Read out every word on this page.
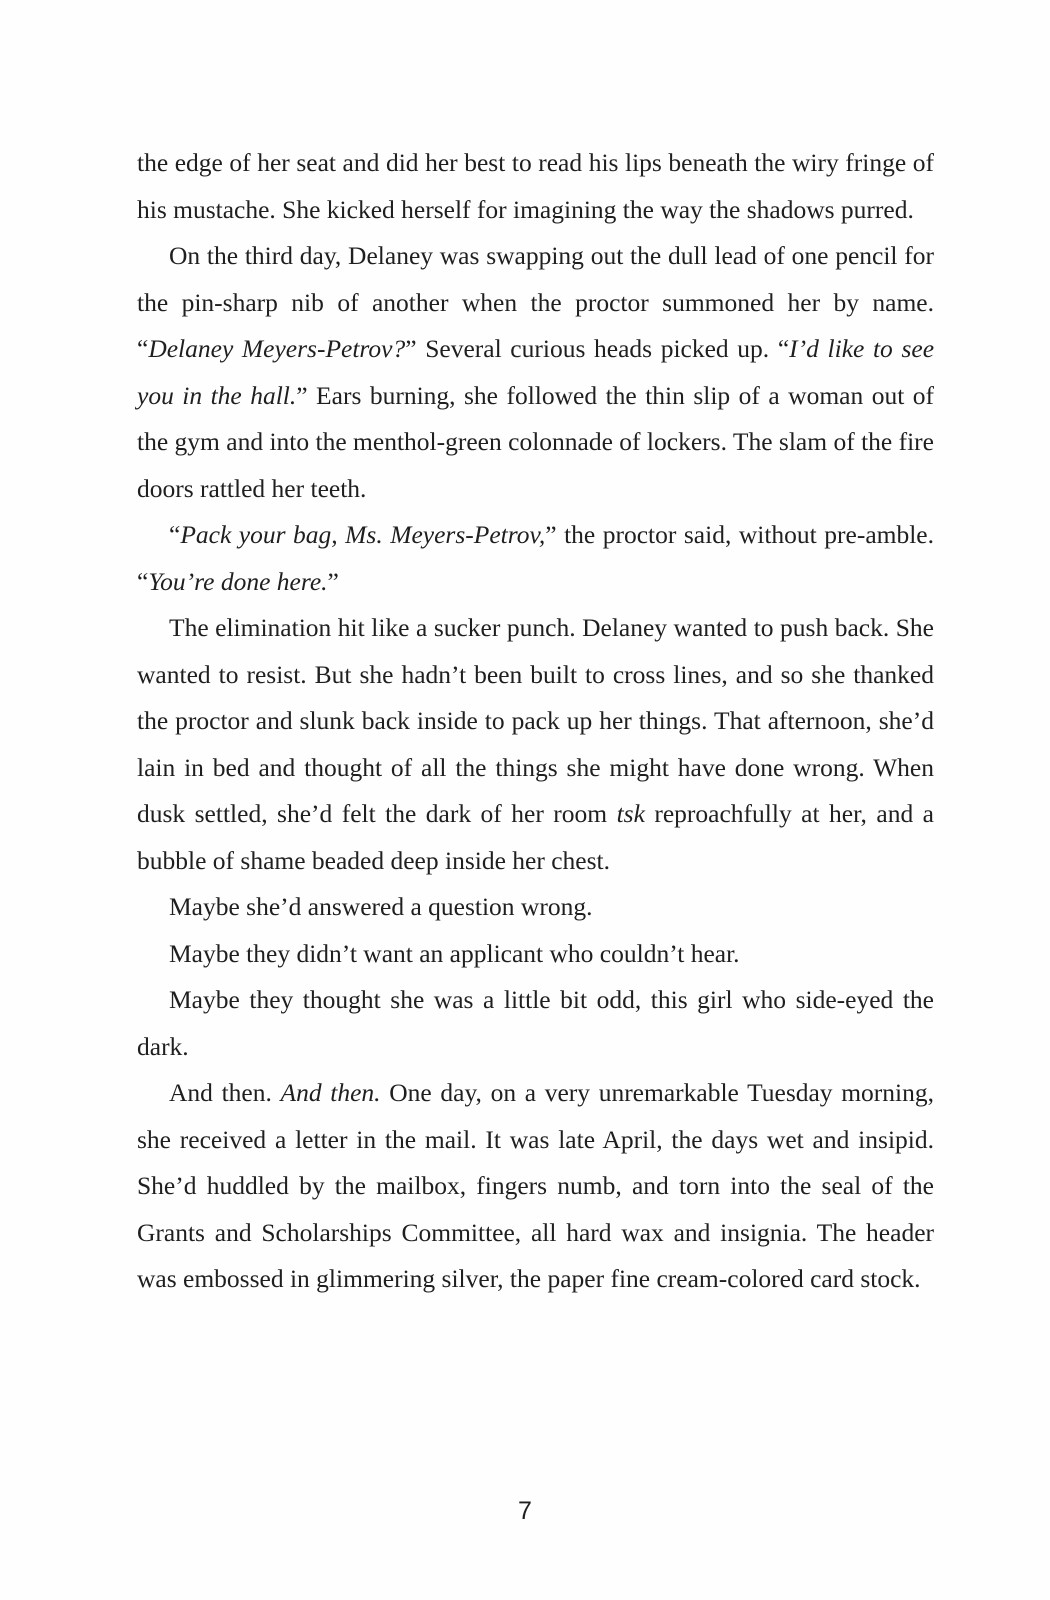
the edge of her seat and did her best to read his lips beneath the wiry fringe of his mustache. She kicked herself for imagining the way the shadows purred.

On the third day, Delaney was swapping out the dull lead of one pencil for the pin-sharp nib of another when the proctor summoned her by name. “Delaney Meyers-Petrov?” Several curious heads picked up. “I’d like to see you in the hall.” Ears burning, she followed the thin slip of a woman out of the gym and into the menthol-green colonnade of lockers. The slam of the fire doors rattled her teeth.

“Pack your bag, Ms. Meyers-Petrov,” the proctor said, without pre-amble. “You’re done here.”

The elimination hit like a sucker punch. Delaney wanted to push back. She wanted to resist. But she hadn’t been built to cross lines, and so she thanked the proctor and slunk back inside to pack up her things. That afternoon, she’d lain in bed and thought of all the things she might have done wrong. When dusk settled, she’d felt the dark of her room tsk reproachfully at her, and a bubble of shame beaded deep inside her chest.

Maybe she’d answered a question wrong.

Maybe they didn’t want an applicant who couldn’t hear.

Maybe they thought she was a little bit odd, this girl who side-eyed the dark.

And then. And then. One day, on a very unremarkable Tuesday morning, she received a letter in the mail. It was late April, the days wet and insipid. She’d huddled by the mailbox, fingers numb, and torn into the seal of the Grants and Scholarships Committee, all hard wax and insignia. The header was embossed in glimmering silver, the paper fine cream-colored card stock.

7
